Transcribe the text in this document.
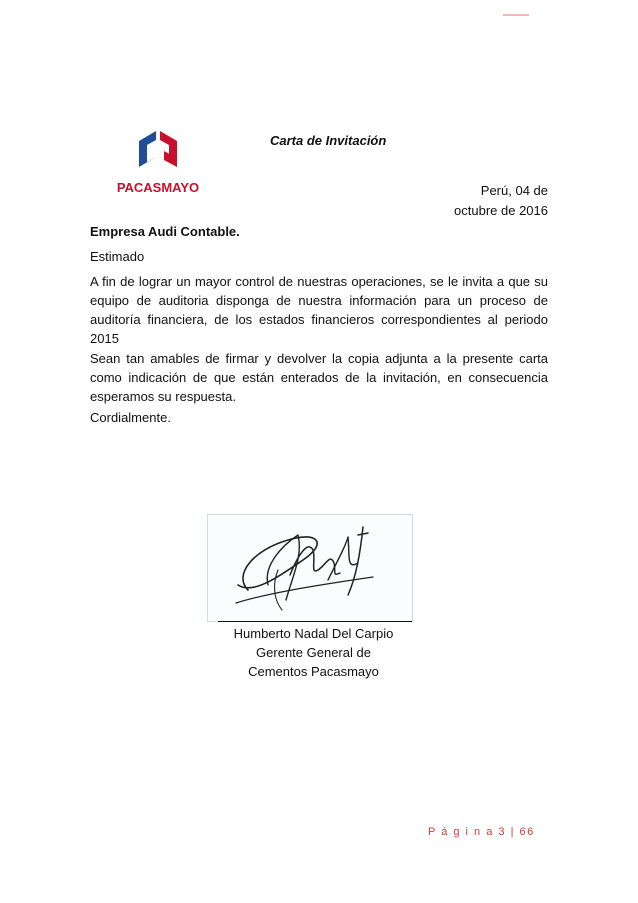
PACASMAYO
Carta de Invitación
Perú, 04 de
octubre de 2016
Empresa Audi Contable.
Estimado

A fin de lograr un mayor control de nuestras operaciones, se le invita a que su equipo de auditoria disponga de nuestra información para un proceso de auditoría financiera, de los estados financieros correspondientes al periodo 2015

Sean tan amables de firmar y devolver la copia adjunta a la presente carta como indicación de que están enterados de la invitación, en consecuencia esperamos su respuesta.

Cordialmente.
Humberto Nadal Del Carpio
Gerente General de
Cementos Pacasmayo
P á g i n a 3 | 66
